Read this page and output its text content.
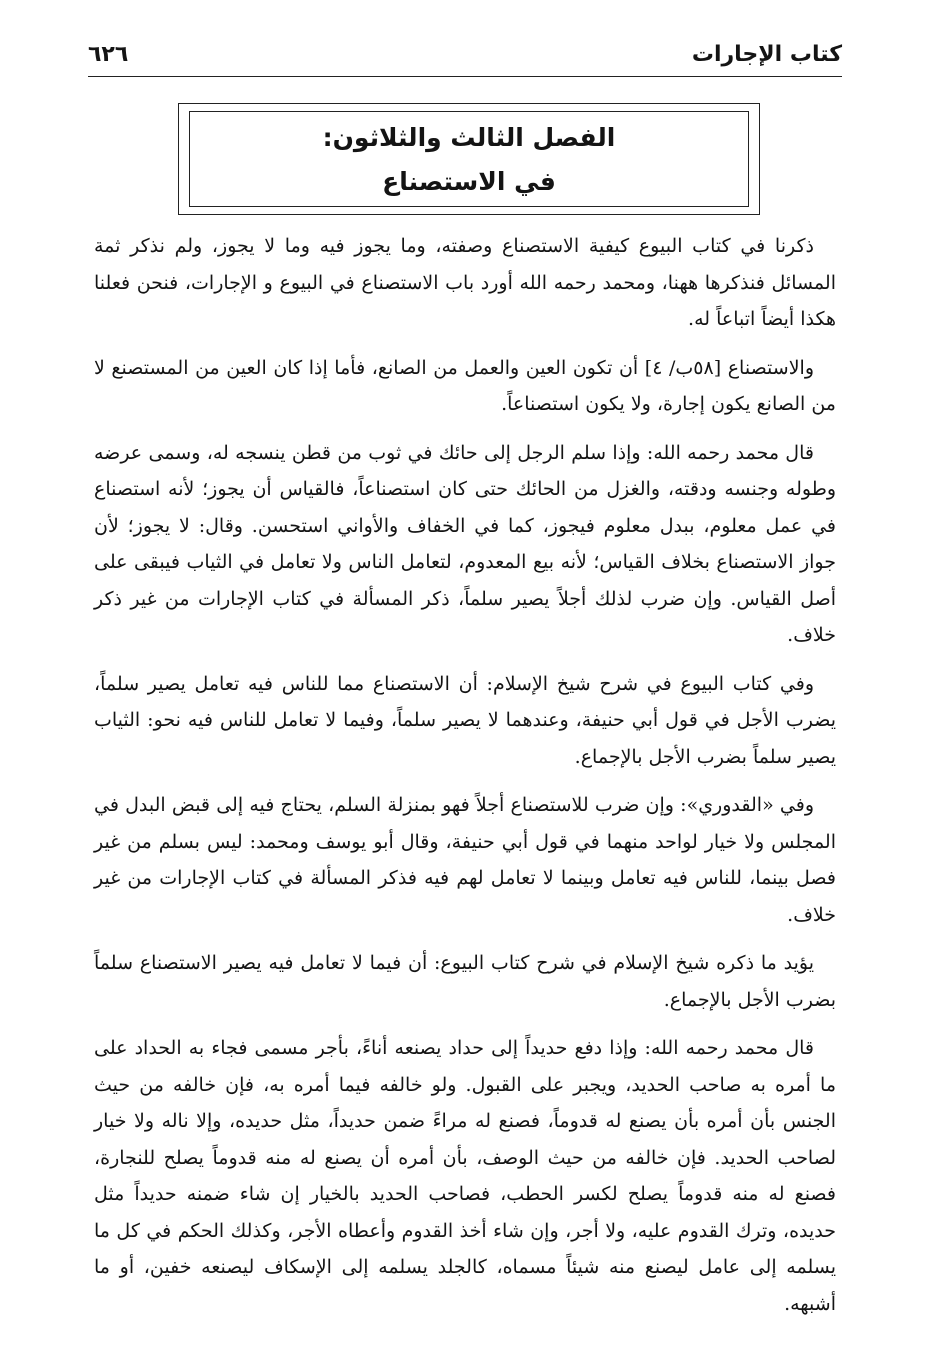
كتاب الإجارات
٦٢٦
الفصل الثالث والثلاثون:
في الاستصناع

ذكرنا في كتاب البيوع كيفية الاستصناع وصفته، وما يجوز فيه وما لا يجوز، ولم نذكر ثمة المسائل فنذكرها ههنا، ومحمد رحمه الله أورد باب الاستصناع في البيوع و الإجارات، فنحن فعلنا هكذا أيضاً اتباعاً له.

والاستصناع [٥٨ب/ ٤] أن تكون العين والعمل من الصانع، فأما إذا كان العين من المستصنع لا من الصانع يكون إجارة، ولا يكون استصناعاً.

قال محمد رحمه الله: وإذا سلم الرجل إلى حائك في ثوب من قطن ينسجه له، وسمى عرضه وطوله وجنسه ودقته، والغزل من الحائك حتى كان استصناعاً، فالقياس أن يجوز؛ لأنه استصناع في عمل معلوم، ببدل معلوم فيجوز، كما في الخفاف والأواني استحسن. وقال: لا يجوز؛ لأن جواز الاستصناع بخلاف القياس؛ لأنه بيع المعدوم، لتعامل الناس ولا تعامل في الثياب فيبقى على أصل القياس. وإن ضرب لذلك أجلاً يصير سلماً، ذكر المسألة في كتاب الإجارات من غير ذكر خلاف.

وفي كتاب البيوع في شرح شيخ الإسلام: أن الاستصناع مما للناس فيه تعامل يصير سلماً، يضرب الأجل في قول أبي حنيفة، وعندهما لا يصير سلماً، وفيما لا تعامل للناس فيه نحو: الثياب يصير سلماً بضرب الأجل بالإجماع.

وفي «القدوري»: وإن ضرب للاستصناع أجلاً فهو بمنزلة السلم، يحتاج فيه إلى قبض البدل في المجلس ولا خيار لواحد منهما في قول أبي حنيفة، وقال أبو يوسف ومحمد: ليس بسلم من غير فصل بينما، للناس فيه تعامل وبينما لا تعامل لهم فيه فذكر المسألة في كتاب الإجارات من غير خلاف.

يؤيد ما ذكره شيخ الإسلام في شرح كتاب البيوع: أن فيما لا تعامل فيه يصير الاستصناع سلماً بضرب الأجل بالإجماع.

قال محمد رحمه الله: وإذا دفع حديداً إلى حداد يصنعه أناءً، بأجر مسمى فجاء به الحداد على ما أمره به صاحب الحديد، ويجبر على القبول. ولو خالفه فيما أمره به، فإن خالفه من حيث الجنس بأن أمره بأن يصنع له قدوماً، فصنع له مراءً ضمن حديداً، مثل حديده، وإلا ناله ولا خيار لصاحب الحديد. فإن خالفه من حيث الوصف، بأن أمره أن يصنع له منه قدوماً يصلح للنجارة، فصنع له منه قدوماً يصلح لكسر الحطب، فصاحب الحديد بالخيار إن شاء ضمنه حديداً مثل حديده، وترك القدوم عليه، ولا أجر، وإن شاء أخذ القدوم وأعطاه الأجر، وكذلك الحكم في كل ما يسلمه إلى عامل ليصنع منه شيئاً مسماه، كالجلد يسلمه إلى الإسكاف ليصنعه خفين، أو ما أشبهه.
